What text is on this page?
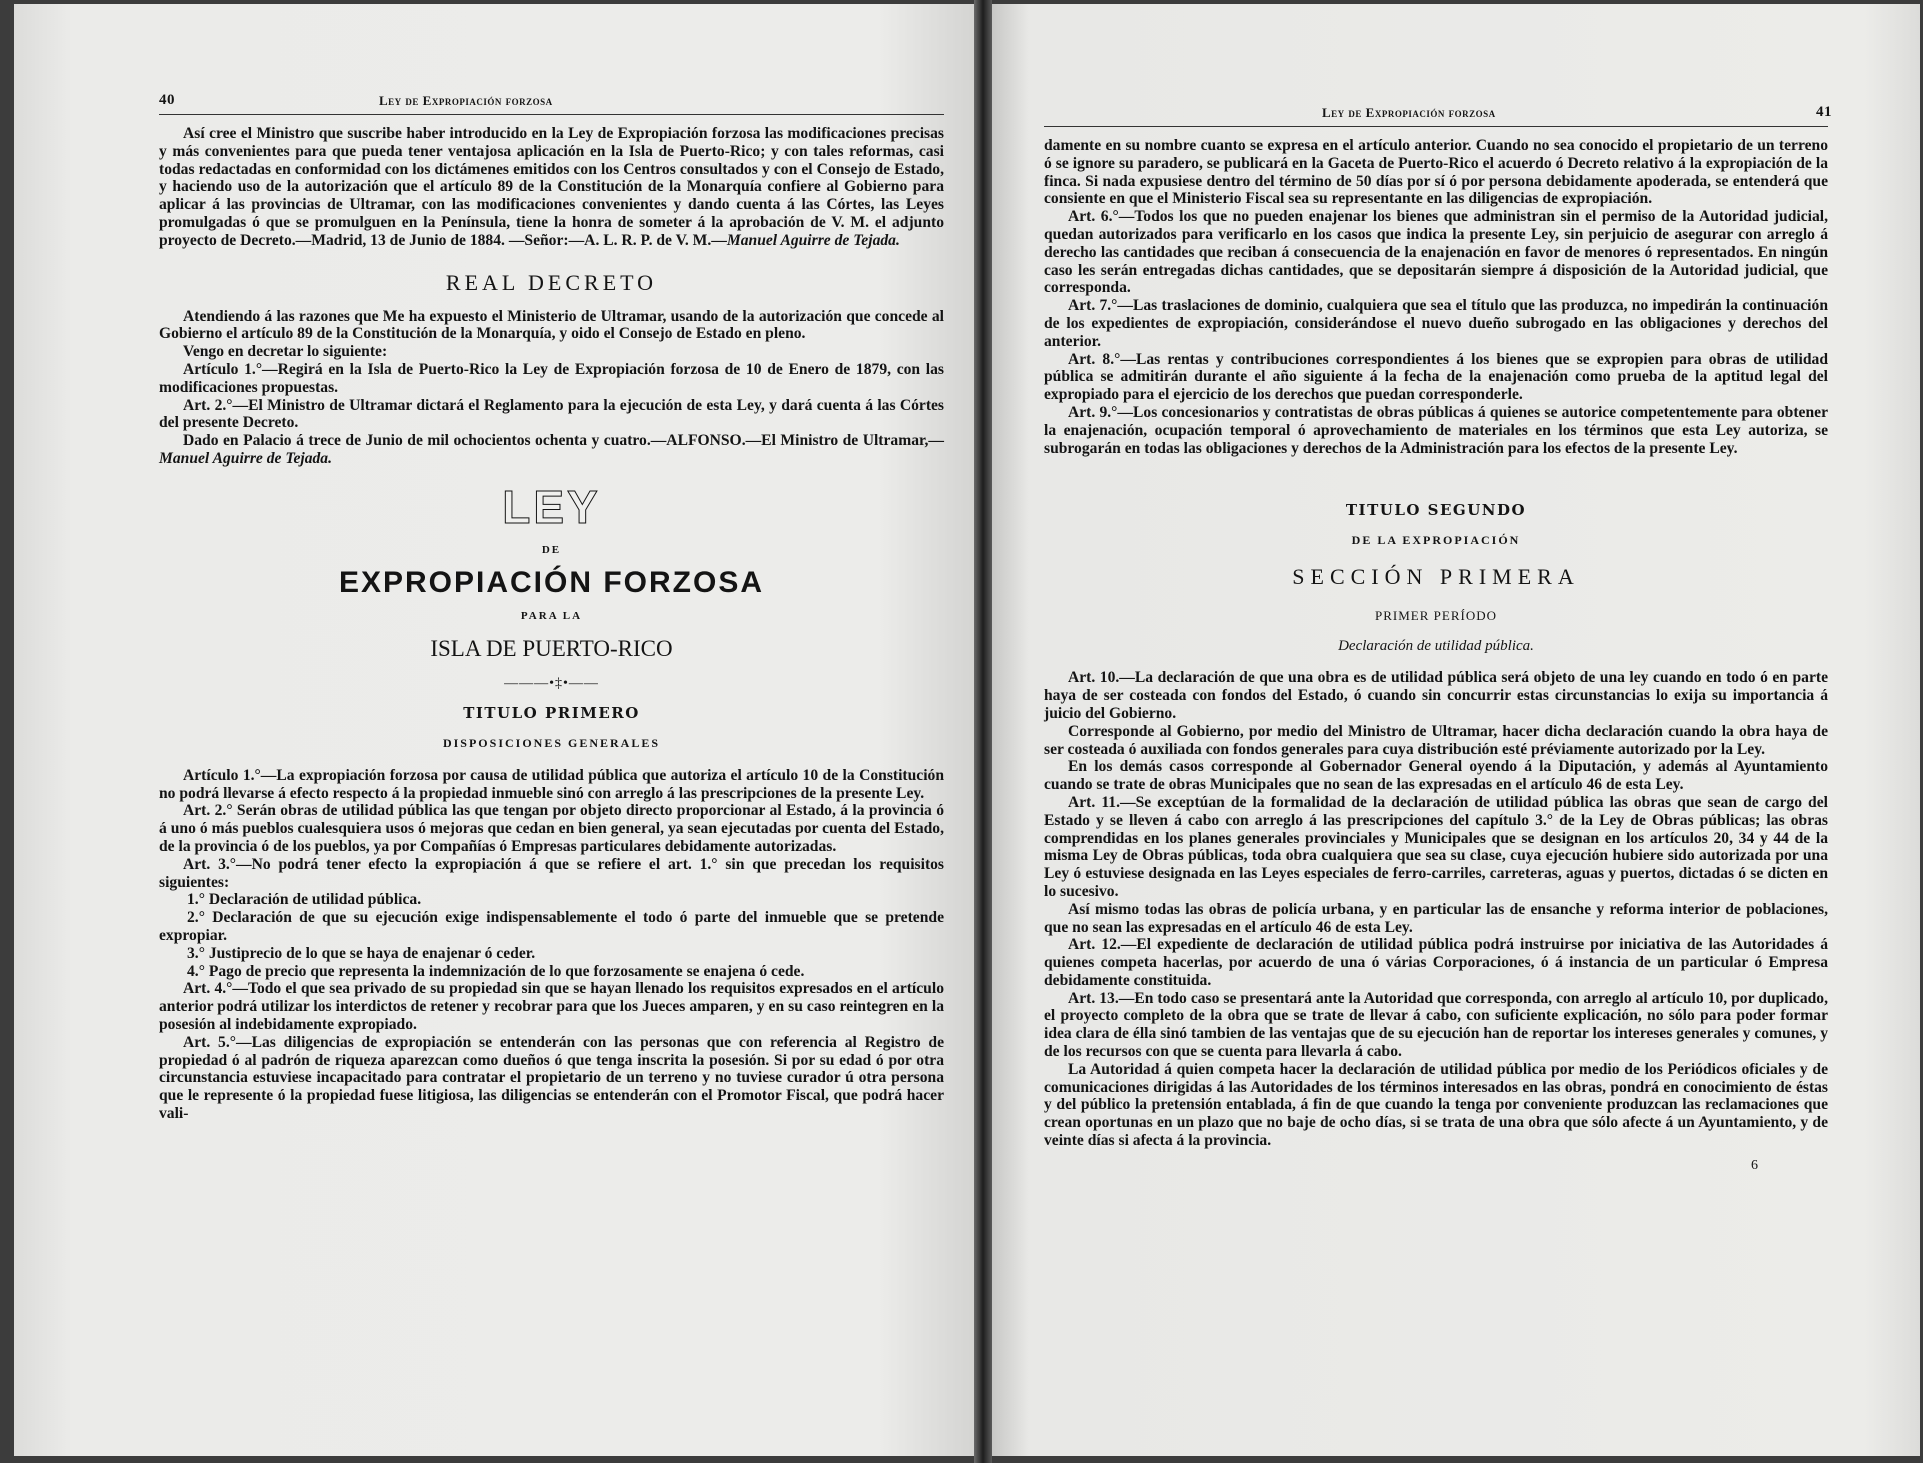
40	Ley de Expropiación forzosa

Así cree el Ministro que suscribe haber introducido en la Ley de Expropiación forzosa las modificaciones precisas y más convenientes para que pueda tener ventajosa aplicación en la Isla de Puerto-Rico; y con tales reformas, casi todas redactadas en conformidad con los dictámenes emitidos con los Centros consultados y con el Consejo de Estado, y haciendo uso de la autorización que el artículo 89 de la Constitución de la Monarquía confiere al Gobierno para aplicar á las provincias de Ultramar, con las modificaciones convenientes y dando cuenta á las Córtes, las Leyes promulgadas ó que se promulguen en la Península, tiene la honra de someter á la aprobación de V. M. el adjunto proyecto de Decreto.—Madrid, 13 de Junio de 1884. —Señor:—A. L. R. P. de V. M.—Manuel Aguirre de Tejada.

REAL DECRETO

Atendiendo á las razones que Me ha expuesto el Ministerio de Ultramar, usando de la autorización que concede al Gobierno el artículo 89 de la Constitución de la Monarquía, y oido el Consejo de Estado en pleno.

Vengo en decretar lo siguiente:

Artículo 1.°—Regirá en la Isla de Puerto-Rico la Ley de Expropiación forzosa de 10 de Enero de 1879, con las modificaciones propuestas.

Art. 2.°—El Ministro de Ultramar dictará el Reglamento para la ejecución de esta Ley, y dará cuenta á las Córtes del presente Decreto.

Dado en Palacio á trece de Junio de mil ochocientos ochenta y cuatro.—ALFONSO.—El Ministro de Ultramar,—Manuel Aguirre de Tejada.

LEY
DE
EXPROPIACIÓN FORZOSA
PARA LA
ISLA DE PUERTO-RICO
———•‡•——
TITULO PRIMERO
DISPOSICIONES GENERALES

Artículo 1.°—La expropiación forzosa por causa de utilidad pública que autoriza el artículo 10 de la Constitución no podrá llevarse á efecto respecto á la propiedad inmueble sinó con arreglo á las prescripciones de la presente Ley.

Art. 2.° Serán obras de utilidad pública las que tengan por objeto directo proporcionar al Estado, á la provincia ó á uno ó más pueblos cualesquiera usos ó mejoras que cedan en bien general, ya sean ejecutadas por cuenta del Estado, de la provincia ó de los pueblos, ya por Compañías ó Empresas particulares debidamente autorizadas.

Art. 3.°—No podrá tener efecto la expropiación á que se refiere el art. 1.° sin que precedan los requisitos siguientes:

1.° Declaración de utilidad pública.

2.° Declaración de que su ejecución exige indispensablemente el todo ó parte del inmueble que se pretende expropiar.

3.° Justiprecio de lo que se haya de enajenar ó ceder.

4.° Pago de precio que representa la indemnización de lo que forzosamente se enajena ó cede.

Art. 4.°—Todo el que sea privado de su propiedad sin que se hayan llenado los requisitos expresados en el artículo anterior podrá utilizar los interdictos de retener y recobrar para que los Jueces amparen, y en su caso reintegren en la posesión al indebidamente expropiado.

Art. 5.°—Las diligencias de expropiación se entenderán con las personas que con referencia al Registro de propiedad ó al padrón de riqueza aparezcan como dueños ó que tenga inscrita la posesión. Si por su edad ó por otra circunstancia estuviese incapacitado para contratar el propietario de un terreno y no tuviese curador ú otra persona que le represente ó la propiedad fuese litigiosa, las diligencias se entenderán con el Promotor Fiscal, que podrá hacer vali-

Ley de Expropiación forzosa	41

damente en su nombre cuanto se expresa en el artículo anterior. Cuando no sea conocido el propietario de un terreno ó se ignore su paradero, se publicará en la Gaceta de Puerto-Rico el acuerdo ó Decreto relativo á la expropiación de la finca. Si nada expusiese dentro del término de 50 días por sí ó por persona debidamente apoderada, se entenderá que consiente en que el Ministerio Fiscal sea su representante en las diligencias de expropiación.

Art. 6.°—Todos los que no pueden enajenar los bienes que administran sin el permiso de la Autoridad judicial, quedan autorizados para verificarlo en los casos que indica la presente Ley, sin perjuicio de asegurar con arreglo á derecho las cantidades que reciban á consecuencia de la enajenación en favor de menores ó representados. En ningún caso les serán entregadas dichas cantidades, que se depositarán siempre á disposición de la Autoridad judicial, que corresponda.

Art. 7.°—Las traslaciones de dominio, cualquiera que sea el título que las produzca, no impedirán la continuación de los expedientes de expropiación, considerándose el nuevo dueño subrogado en las obligaciones y derechos del anterior.

Art. 8.°—Las rentas y contribuciones correspondientes á los bienes que se expropien para obras de utilidad pública se admitirán durante el año siguiente á la fecha de la enajenación como prueba de la aptitud legal del expropiado para el ejercicio de los derechos que puedan corresponderle.

Art. 9.°—Los concesionarios y contratistas de obras públicas á quienes se autorice competentemente para obtener la enajenación, ocupación temporal ó aprovechamiento de materiales en los términos que esta Ley autoriza, se subrogarán en todas las obligaciones y derechos de la Administración para los efectos de la presente Ley.

TITULO SEGUNDO
DE LA EXPROPIACIÓN
SECCIÓN PRIMERA
PRIMER PERÍODO
Declaración de utilidad pública.

Art. 10.—La declaración de que una obra es de utilidad pública será objeto de una ley cuando en todo ó en parte haya de ser costeada con fondos del Estado, ó cuando sin concurrir estas circunstancias lo exija su importancia á juicio del Gobierno.

Corresponde al Gobierno, por medio del Ministro de Ultramar, hacer dicha declaración cuando la obra haya de ser costeada ó auxiliada con fondos generales para cuya distribución esté préviamente autorizado por la Ley.

En los demás casos corresponde al Gobernador General oyendo á la Diputación, y además al Ayuntamiento cuando se trate de obras Municipales que no sean de las expresadas en el artículo 46 de esta Ley.

Art. 11.—Se exceptúan de la formalidad de la declaración de utilidad pública las obras que sean de cargo del Estado y se lleven á cabo con arreglo á las prescripciones del capítulo 3.° de la Ley de Obras públicas; las obras comprendidas en los planes generales provinciales y Municipales que se designan en los artículos 20, 34 y 44 de la misma Ley de Obras públicas, toda obra cualquiera que sea su clase, cuya ejecución hubiere sido autorizada por una Ley ó estuviese designada en las Leyes especiales de ferro-carriles, carreteras, aguas y puertos, dictadas ó se dicten en lo sucesivo.

Así mismo todas las obras de policía urbana, y en particular las de ensanche y reforma interior de poblaciones, que no sean las expresadas en el artículo 46 de esta Ley.

Art. 12.—El expediente de declaración de utilidad pública podrá instruirse por iniciativa de las Autoridades á quienes competa hacerlas, por acuerdo de una ó várias Corporaciones, ó á instancia de un particular ó Empresa debidamente constituida.

Art. 13.—En todo caso se presentará ante la Autoridad que corresponda, con arreglo al artículo 10, por duplicado, el proyecto completo de la obra que se trate de llevar á cabo, con suficiente explicación, no sólo para poder formar idea clara de élla sinó tambien de las ventajas que de su ejecución han de reportar los intereses generales y comunes, y de los recursos con que se cuenta para llevarla á cabo.

La Autoridad á quien competa hacer la declaración de utilidad pública por medio de los Periódicos oficiales y de comunicaciones dirigidas á las Autoridades de los términos interesados en las obras, pondrá en conocimiento de éstas y del público la pretensión entablada, á fin de que cuando la tenga por conveniente produzcan las reclamaciones que crean oportunas en un plazo que no baje de ocho días, si se trata de una obra que sólo afecte á un Ayuntamiento, y de veinte días si afecta á la provincia.

6
